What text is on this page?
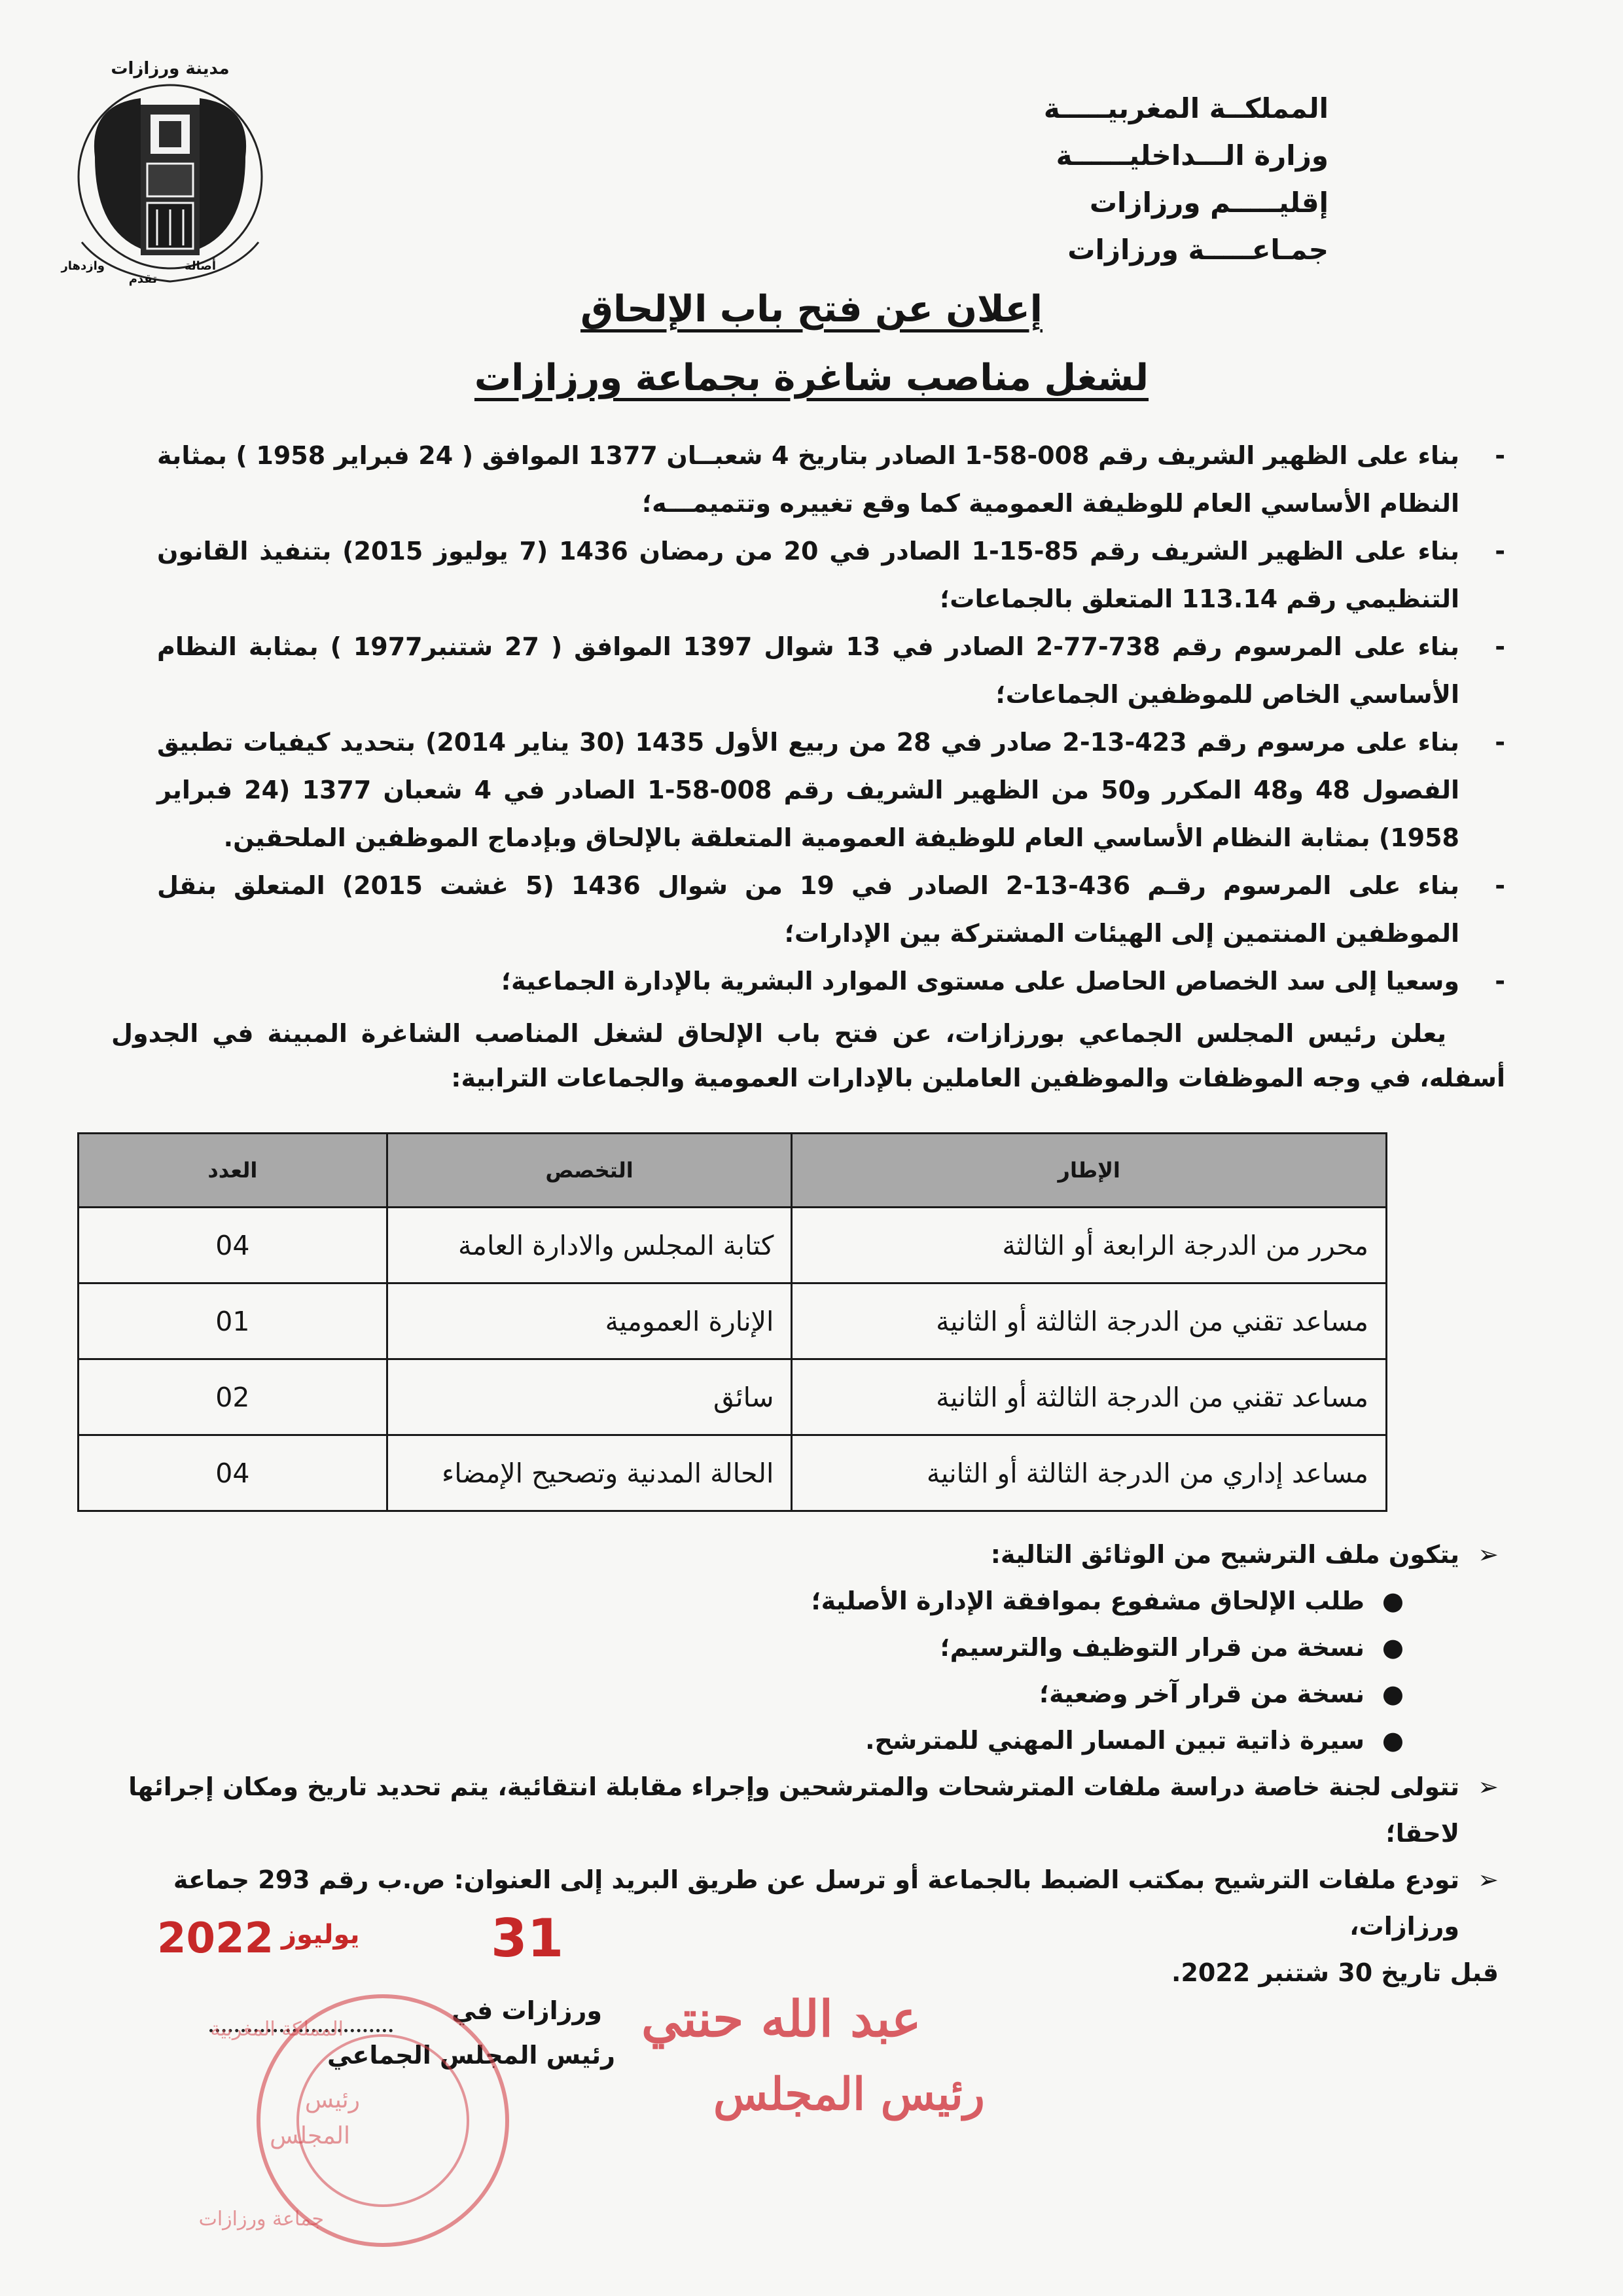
المملكــة المغربيـــــة
وزارة الـــداخليــــــة
إقليـــــم ورزازات
جمـاعـــــة ورزازات
مدينة ورزازات
وازدهار
تقدم
أصالة
إعلان عن فتح باب الإلحاق
لشغل مناصب شاغرة بجماعة ورزازات
-
بناء على الظهير الشريف رقم 008-58-1 الصادر بتاريخ 4 شعبــان 1377 الموافق ( 24 فبراير 1958 ) بمثابة النظام الأساسي العام للوظيفة العمومية كما وقع تغييره وتتميمـــه؛
-
بناء على الظهير الشريف رقم 85-15-1 الصادر في 20 من رمضان 1436 (7 يوليوز 2015) بتنفيذ القانون التنظيمي رقم 113.14 المتعلق بالجماعات؛
-
بناء على المرسوم رقم 738-77-2 الصادر في 13 شوال 1397 الموافق ( 27 شتنبر1977 ) بمثابة النظام الأساسي الخاص للموظفين الجماعات؛
-
بناء على مرسوم رقم 423-13-2 صادر في 28 من ربيع الأول 1435 (30 يناير 2014) بتحديد كيفيات تطبيق الفصول 48 و48 المكرر و50 من الظهير الشريف رقم 008-58-1 الصادر في 4 شعبان 1377 (24 فبراير 1958) بمثابة النظام الأساسي العام للوظيفة العمومية المتعلقة بالإلحاق وبإدماج الموظفين الملحقين.
-
بناء على المرسوم رقـم 436-13-2 الصادر في 19 من شوال 1436 (5 غشت 2015) المتعلق بنقل الموظفين المنتمين إلى الهيئات المشتركة بين الإدارات؛
-
وسعيا إلى سد الخصاص الحاصل على مستوى الموارد البشرية بالإدارة الجماعية؛
يعلن رئيس المجلس الجماعي بورزازات، عن فتح باب الإلحاق لشغل المناصب الشاغرة المبينة في الجدول أسفله، في وجه الموظفات والموظفين العاملين بالإدارات العمومية والجماعات الترابية:
الإطار	التخصص	العدد
محرر من الدرجة الرابعة أو الثالثة	كتابة المجلس والادارة العامة	04
مساعد تقني من الدرجة الثالثة أو الثانية	الإنارة العمومية	01
مساعد تقني من الدرجة الثالثة أو الثانية	سائق	02
مساعد إداري من الدرجة الثالثة أو الثانية	الحالة المدنية وتصحيح الإمضاء	04
➢
يتكون ملف الترشيح من الوثائق التالية:
●
طلب الإلحاق مشفوع بموافقة الإدارة الأصلية؛
●
نسخة من قرار التوظيف والترسيم؛
●
نسخة من قرار آخر وضعية؛
●
سيرة ذاتية تبين المسار المهني للمترشح.
➢
تتولى لجنة خاصة دراسة ملفات المترشحات والمترشحين وإجراء مقابلة انتقائية، يتم تحديد تاريخ ومكان إجرائها لاحقا؛
➢
تودع ملفات الترشيح بمكتب الضبط بالجماعة أو ترسل عن طريق البريد إلى العنوان: ص.ب رقم 293 جماعة ورزازات،
قبل تاريخ 30 شتنبر 2022.
2022 يوليوز	31
ورزازات في
رئيس المجلس الجماعي
المملكة المغربية
رئيس
المجلس
جماعة ورزازات
عبد الله حنتي
رئيس المجلس
